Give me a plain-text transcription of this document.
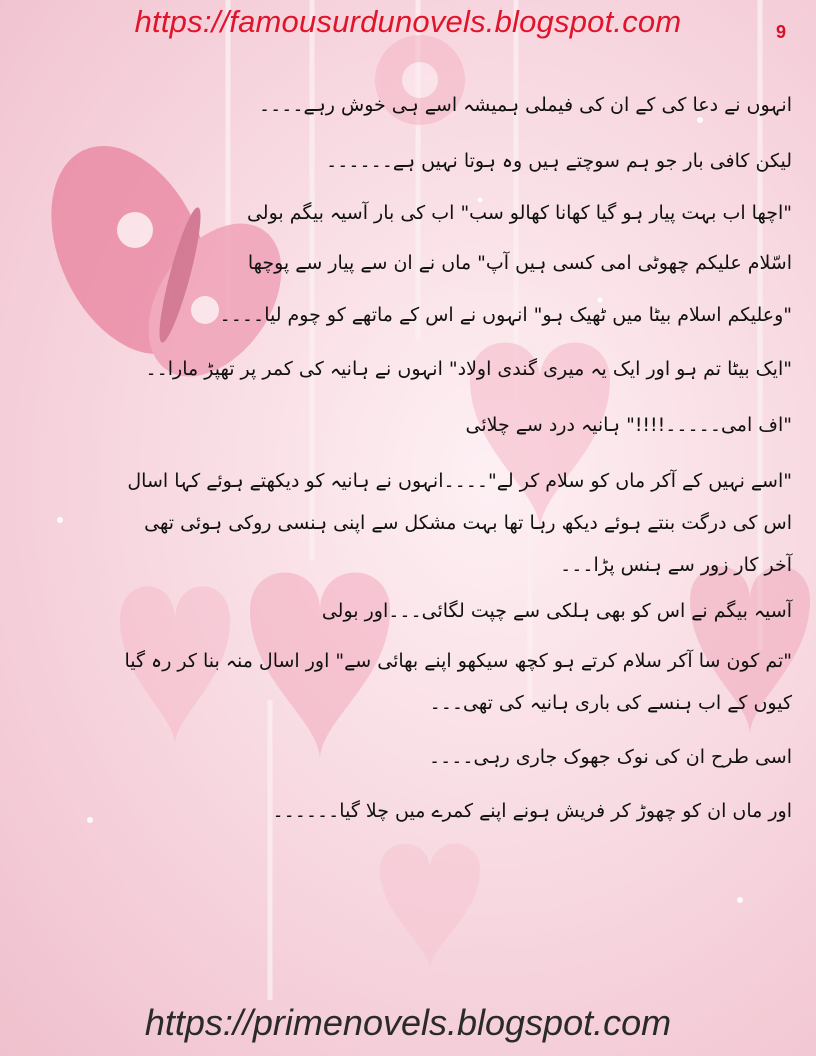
https://famousurdunovels.blogspot.com	9

انہوں نے دعا کی کے ان کی فیملی ہمیشہ اسے ہی خوش رہے۔۔۔۔

لیکن کافی بار جو ہم سوچتے ہیں وہ ہوتا نہیں ہے۔۔۔۔۔۔

"اچھا اب بہت پیار ہو گیا کھانا کھالو سب" اب کی بار آسیہ بیگم بولی

اسّلام علیکم چھوٹی امی کسی ہیں آپ" ماں نے ان سے پیار سے پوچھا

"وعلیکم اسلام بیٹا میں ٹھیک ہو" انہوں نے اس کے ماتھے کو چوم لیا۔۔۔۔

"ایک بیٹا تم ہو اور ایک یہ میری گندی اولاد" انہوں نے ہانیہ کی کمر پر تھپڑ مارا۔۔

"اف امی۔۔۔۔۔!!!!" ہانیہ درد سے چلائی

"اسے نہیں کے آکر ماں کو سلام کر لے"۔۔۔۔انہوں نے ہانیہ کو دیکھتے ہوئے کہا اسال اس کی درگت بنتے ہوئے دیکھ رہا تھا بہت مشکل سے اپنی ہنسی روکی ہوئی تھی آخر کار زور سے ہنس پڑا۔۔۔

آسیہ بیگم نے اس کو بھی ہلکی سے چپت لگائی۔۔۔اور بولی

"تم کون سا آکر سلام کرتے ہو کچھ سیکھو اپنے بھائی سے" اور اسال منہ بنا کر رہ گیا کیوں کے اب ہنسے کی باری ہانیہ کی تھی۔۔۔

اسی طرح ان کی نوک جھوک جاری رہی۔۔۔۔

اور ماں ان کو چھوڑ کر فریش ہونے اپنے کمرے میں چلا گیا۔۔۔۔۔۔

https://primenovels.blogspot.com
